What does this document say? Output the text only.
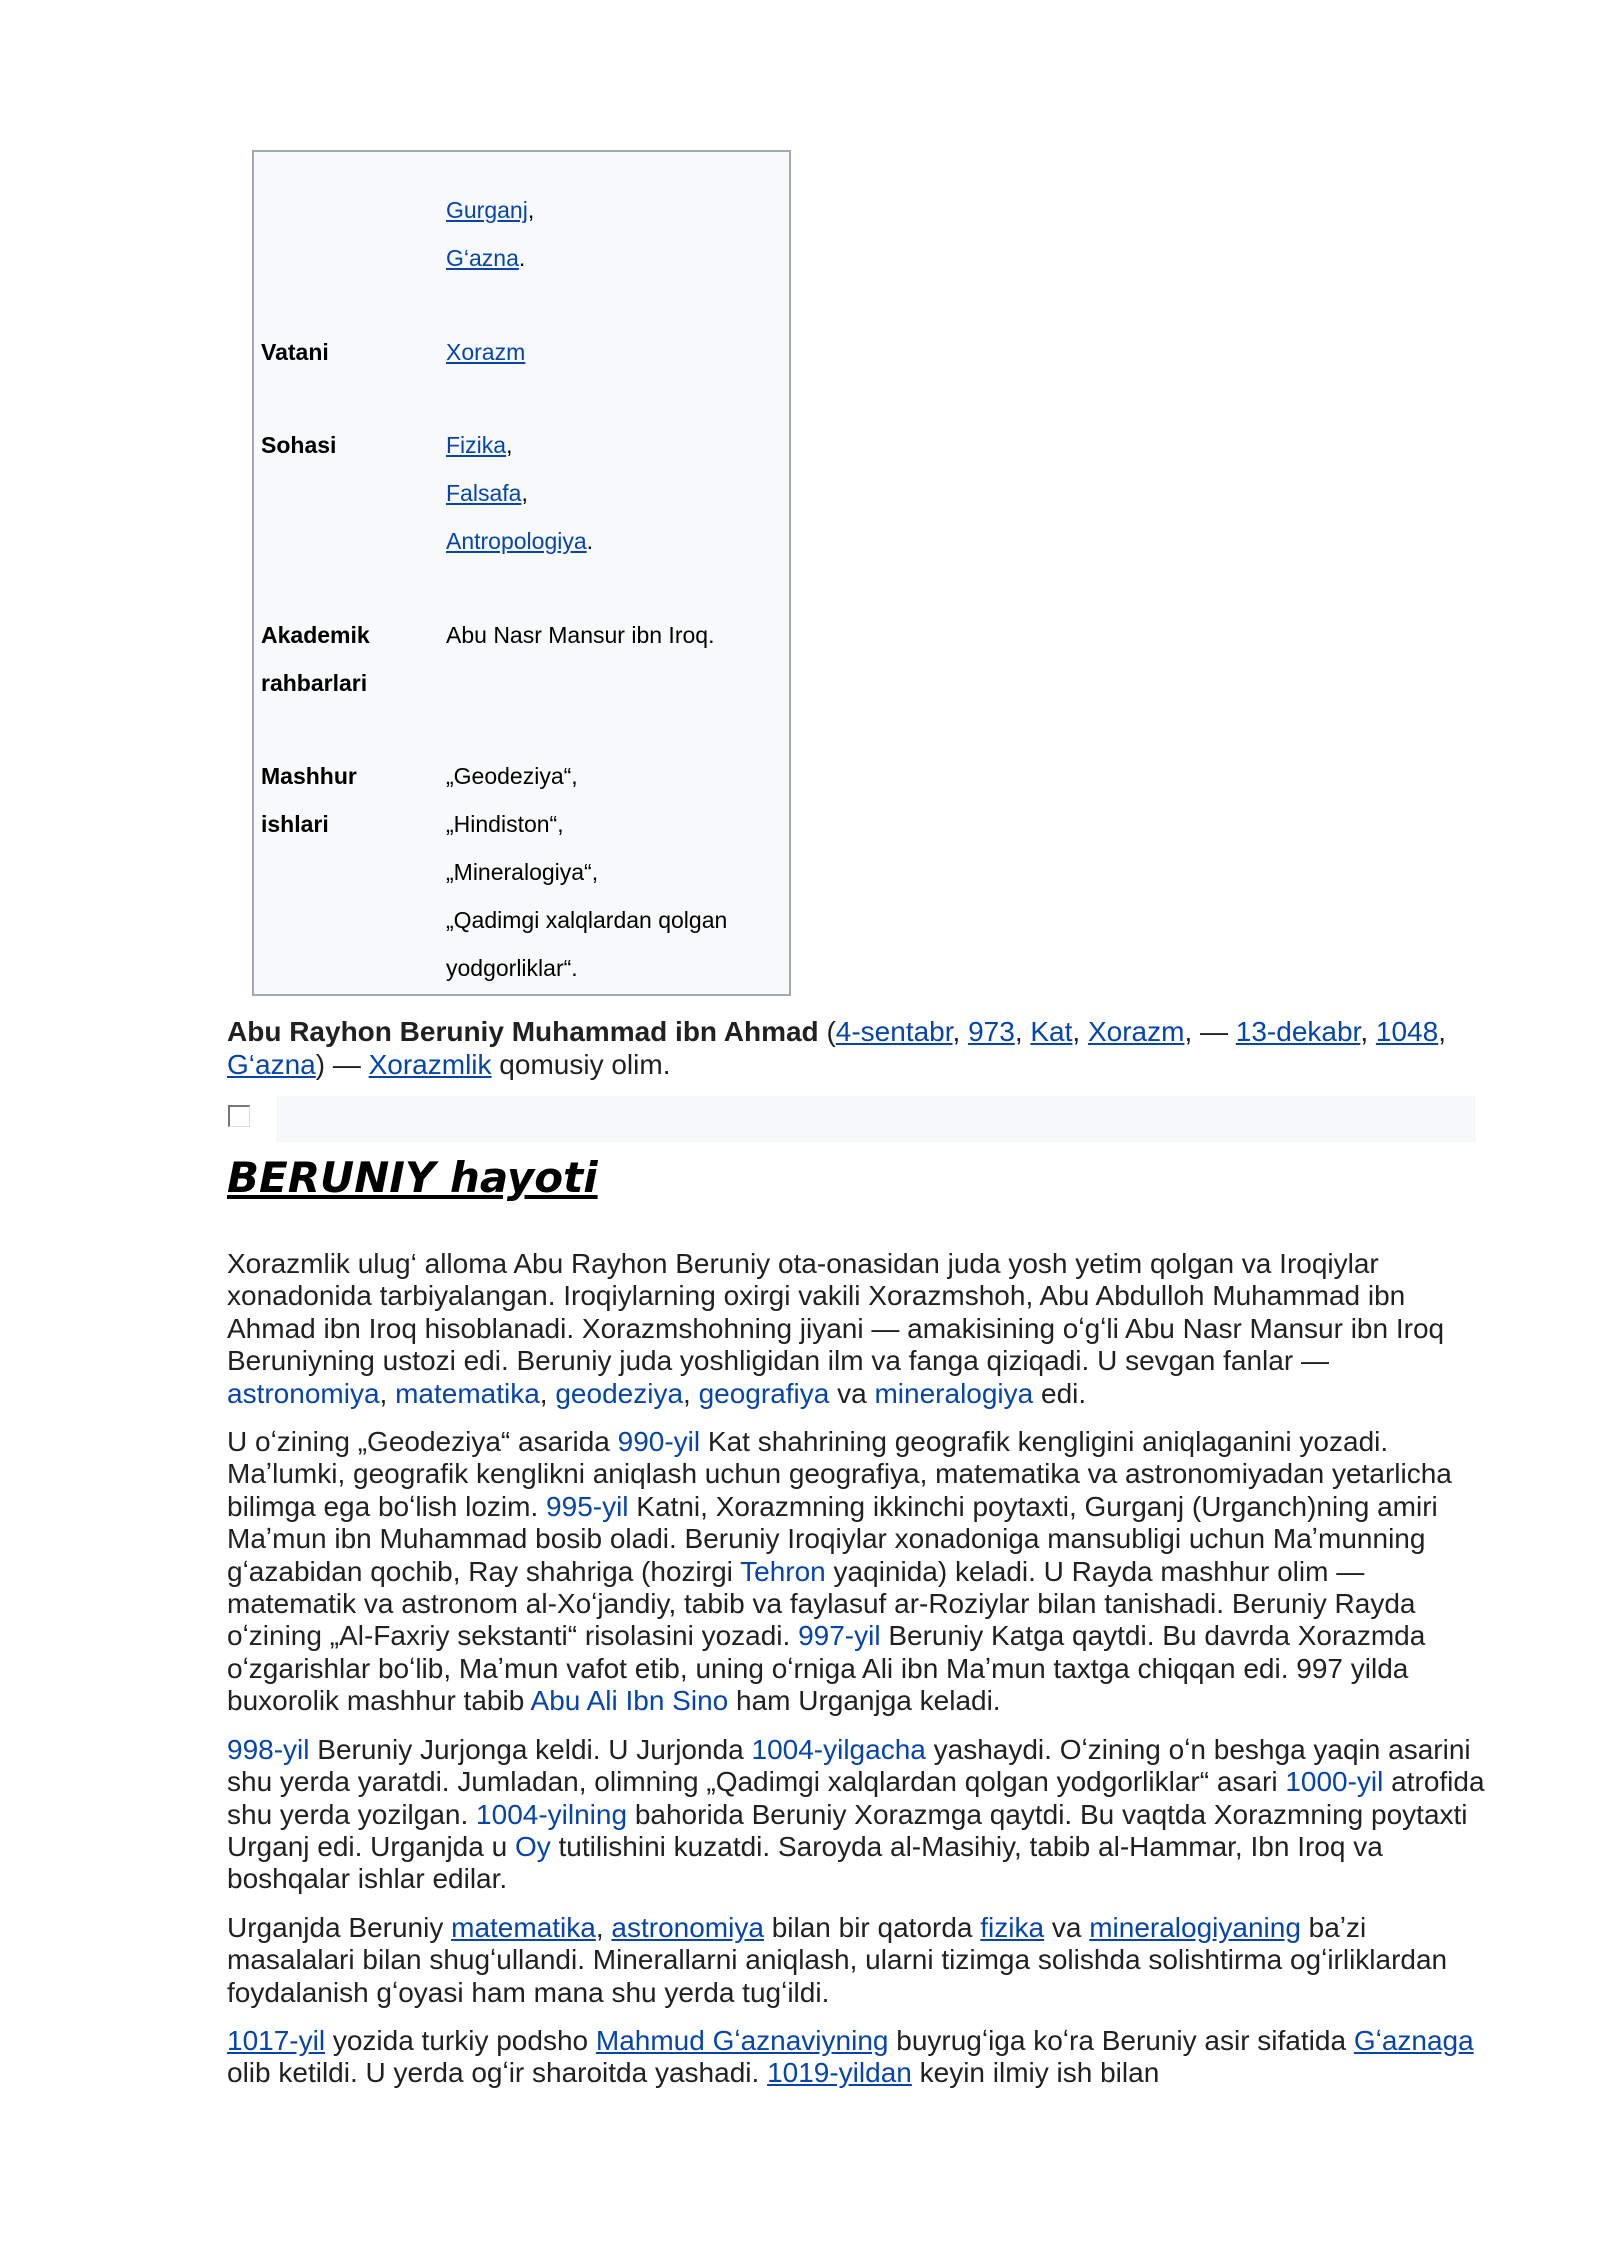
Gurganj,
G‘azna.
Vatani	Xorazm
Sohasi	Fizika,
Falsafa,
Antropologiya.
Akademik
rahbarlari
Abu Nasr Mansur ibn Iroq.
Mashhur
ishlari
„Geodeziya“,
„Hindiston“,
„Mineralogiya“,
„Qadimgi xalqlardan qolgan
yodgorliklar“.

Abu Rayhon Beruniy Muhammad ibn Ahmad (4-sentabr, 973, Kat, Xorazm, — 13-dekabr, 1048, G‘azna) — Xorazmlik qomusiy olim.

BERUNIY hayoti

Xorazmlik ulug‘ alloma Abu Rayhon Beruniy ota-onasidan juda yosh yetim qolgan va Iroqiylar xonadonida tarbiyalangan. Iroqiylarning oxirgi vakili Xorazmshoh, Abu Abdulloh Muhammad ibn Ahmad ibn Iroq hisoblanadi. Xorazmshohning jiyani — amakisining oʻgʻli Abu Nasr Mansur ibn Iroq Beruniyning ustozi edi. Beruniy juda yoshligidan ilm va fanga qiziqadi. U sevgan fanlar — astronomiya, matematika, geodeziya, geografiya va mineralogiya edi.

U oʻzining „Geodeziya“ asarida 990-yil Kat shahrining geografik kengligini aniqlaganini yozadi. Maʼlumki, geografik kenglikni aniqlash uchun geografiya, matematika va astronomiyadan yetarlicha bilimga ega boʻlish lozim. 995-yil Katni, Xorazmning ikkinchi poytaxti, Gurganj (Urganch)ning amiri Maʼmun ibn Muhammad bosib oladi. Beruniy Iroqiylar xonadoniga mansubligi uchun Maʼmunning gʻazabidan qochib, Ray shahriga (hozirgi Tehron yaqinida) keladi. U Rayda mashhur olim — matematik va astronom al-Xoʻjandiy, tabib va faylasuf ar-Roziylar bilan tanishadi. Beruniy Rayda oʻzining „Al-Faxriy sekstanti“ risolasini yozadi. 997-yil Beruniy Katga qaytdi. Bu davrda Xorazmda oʻzgarishlar boʻlib, Maʼmun vafot etib, uning oʻrniga Ali ibn Maʼmun taxtga chiqqan edi. 997 yilda buxorolik mashhur tabib Abu Ali Ibn Sino ham Urganjga keladi.

998-yil Beruniy Jurjonga keldi. U Jurjonda 1004-yilgacha yashaydi. Oʻzining oʻn beshga yaqin asarini shu yerda yaratdi. Jumladan, olimning „Qadimgi xalqlardan qolgan yodgorliklar“ asari 1000-yil atrofida shu yerda yozilgan. 1004-yilning bahorida Beruniy Xorazmga qaytdi. Bu vaqtda Xorazmning poytaxti Urganj edi. Urganjda u Oy tutilishini kuzatdi. Saroyda al-Masihiy, tabib al-Hammar, Ibn Iroq va boshqalar ishlar edilar.

Urganjda Beruniy matematika, astronomiya bilan bir qatorda fizika va mineralogiyaning baʼzi masalalari bilan shugʻullandi. Minerallarni aniqlash, ularni tizimga solishda solishtirma ogʻirliklardan foydalanish gʻoyasi ham mana shu yerda tugʻildi.

1017-yil yozida turkiy podsho Mahmud Gʻaznaviyning buyrugʻiga koʻra Beruniy asir sifatida Gʻaznaga olib ketildi. U yerda ogʻir sharoitda yashadi. 1019-yildan keyin ilmiy ish bilan
